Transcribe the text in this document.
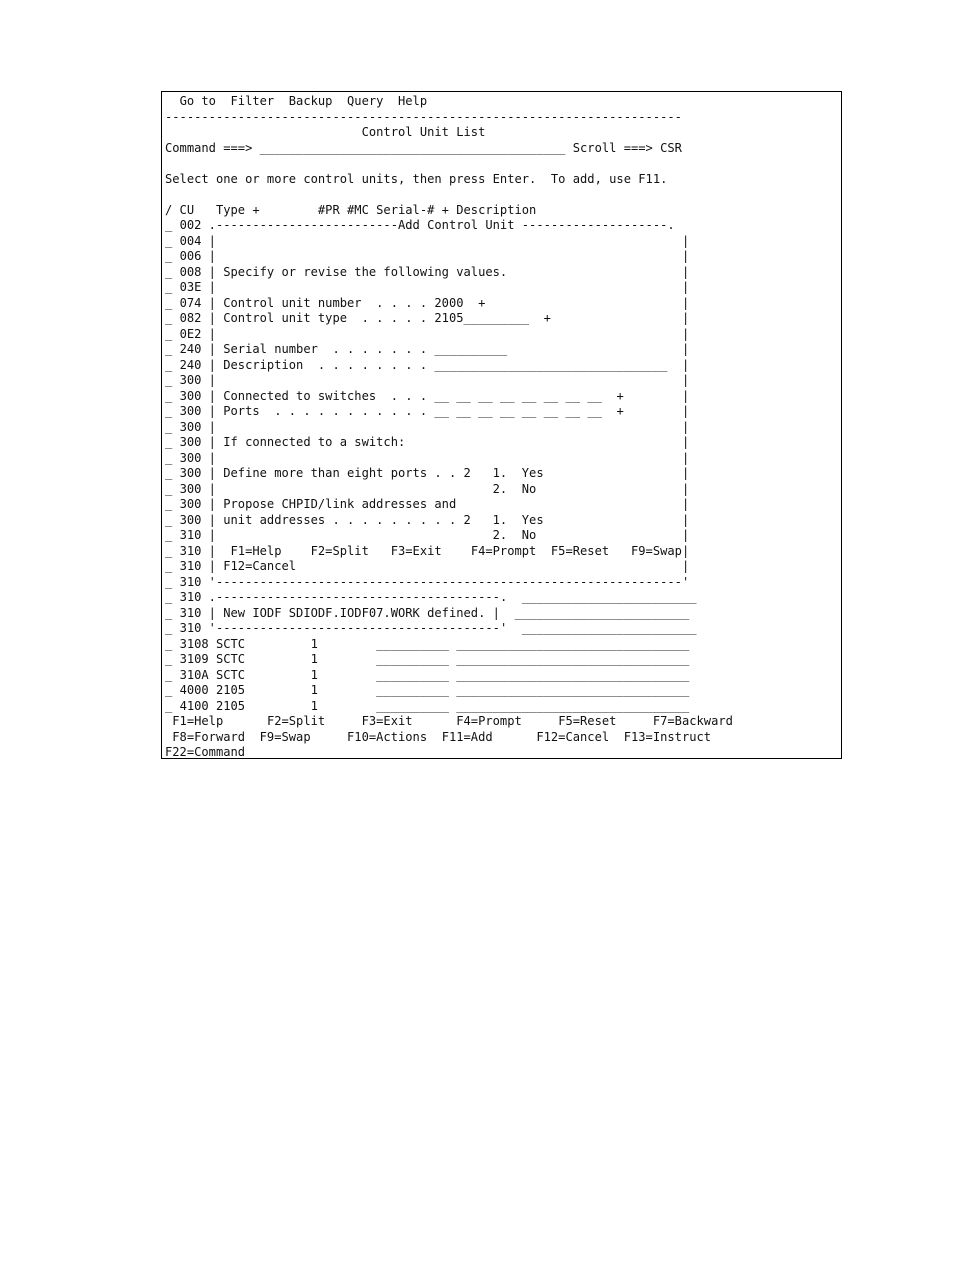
Go to Filter Backup Query Help
-----------------------------------------------------------------------
Control Unit List
Command ===> __________________________________________ Scroll ===> CSR

Select one or more control units, then press Enter.  To add, use F11.

/ CU   Type +        #PR #MC Serial-# + Description
_ 002 .-------------------------Add Control Unit --------------------.
_ 004 |                                                                |
_ 006 |                                                                |
_ 008 | Specify or revise the following values.                        |
_ 03E |                                                                |
_ 074 | Control unit number  . . . . 2000 +                           |
_ 082 | Control unit type  . . . . . 2105_________ +                  |
_ 0E2 |                                                                |
_ 240 | Serial number  . . . . . . . __________                        |
_ 240 | Description  . . . . . . . . ________________________________  |
_ 300 |                                                                |
_ 300 | Connected to switches  . . . __ __ __ __ __ __ __ __ +        |
_ 300 | Ports  . . . . . . . . . . . __ __ __ __ __ __ __ __ +        |
_ 300 |                                                                |
_ 300 | If connected to a switch:                                      |
_ 300 |                                                                |
_ 300 | Define more than eight ports . . 2 1.  Yes                   |
_ 300 |	2.  No                    |
_ 300 | Propose CHPID/link addresses and                               |
_ 300 | unit addresses . . . . . . . . . 2 1.  Yes                   |
_ 310 |	2.  No                    |
_ 310 |  F1=Help F2=Split F3=Exit F4=Prompt F5=Reset F9=Swap|
_ 310 | F12=Cancel                                                     |
_ 310 '----------------------------------------------------------------'
_ 310 .---------------------------------------.  ________________________
_ 310 | New IODF SDIODF.IODF07.WORK defined. |  ________________________
_ 310 '---------------------------------------'  ________________________
_ 3108 SCTC	1	__________ ________________________________
_ 3109 SCTC	1	__________ ________________________________
_ 310A SCTC	1	__________ ________________________________
_ 4000 2105	1	__________ ________________________________
_ 4100 2105	1	__________ ________________________________
F1=Help	F2=Split	F3=Exit	F4=Prompt	F5=Reset	F7=Backward
F8=Forward F9=Swap	F10=Actions F11=Add	F12=Cancel F13=Instruct
F22=Command
